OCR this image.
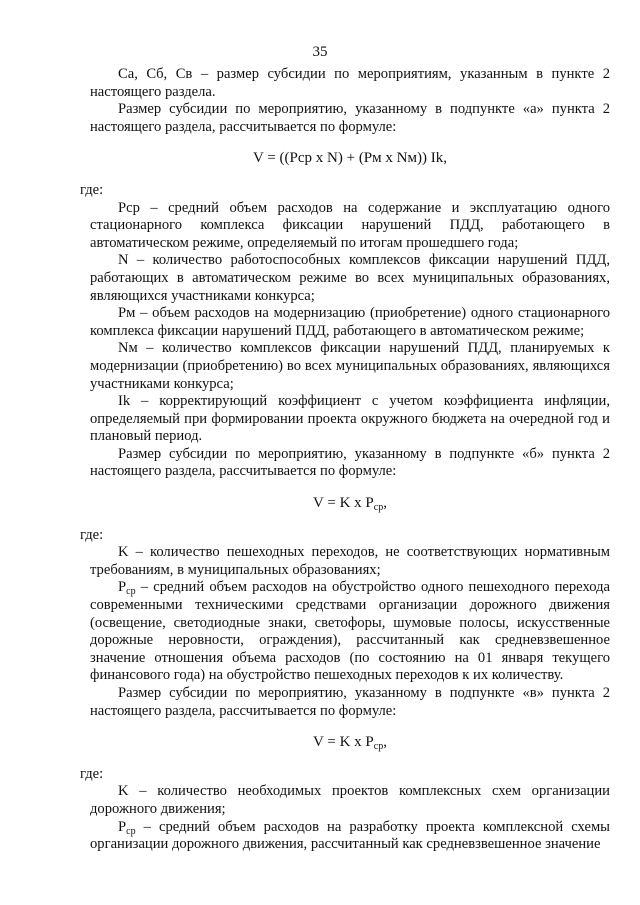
35

Cа, Cб, Cв – размер субсидии по мероприятиям, указанным в пункте 2 настоящего раздела.

Размер субсидии по мероприятию, указанному в подпункте «а» пункта 2 настоящего раздела, рассчитывается по формуле:

V = ((Pcp x N) + (Pм x Nм)) Ik,

где:

Pcp – средний объем расходов на содержание и эксплуатацию одного стационарного комплекса фиксации нарушений ПДД, работающего в автоматическом режиме, определяемый по итогам прошедшего года;

N – количество работоспособных комплексов фиксации нарушений ПДД, работающих в автоматическом режиме во всех муниципальных образованиях, являющихся участниками конкурса;

Pм – объем расходов на модернизацию (приобретение) одного стационарного комплекса фиксации нарушений ПДД, работающего в автоматическом режиме;

Nм – количество комплексов фиксации нарушений ПДД, планируемых к модернизации (приобретению) во всех муниципальных образованиях, являющихся участниками конкурса;

Ik – корректирующий коэффициент с учетом коэффициента инфляции, определяемый при формировании проекта окружного бюджета на очередной год и плановый период.

Размер субсидии по мероприятию, указанному в подпункте «б» пункта 2 настоящего раздела, рассчитывается по формуле:

V = K x $P_{ср}$,

где:

K – количество пешеходных переходов, не соответствующих нормативным требованиям, в муниципальных образованиях;

$P_{ср}$ – средний объем расходов на обустройство одного пешеходного перехода современными техническими средствами организации дорожного движения (освещение, светодиодные знаки, светофоры, шумовые полосы, искусственные дорожные неровности, ограждения), рассчитанный как средневзвешенное значение отношения объема расходов (по состоянию на 01 января текущего финансового года) на обустройство пешеходных переходов к их количеству.

Размер субсидии по мероприятию, указанному в подпункте «в» пункта 2 настоящего раздела, рассчитывается по формуле:

V = K x $P_{ср}$,

где:

K – количество необходимых проектов комплексных схем организации дорожного движения;

$P_{ср}$ – средний объем расходов на разработку проекта комплексной схемы организации дорожного движения, рассчитанный как средневзвешенное значение
